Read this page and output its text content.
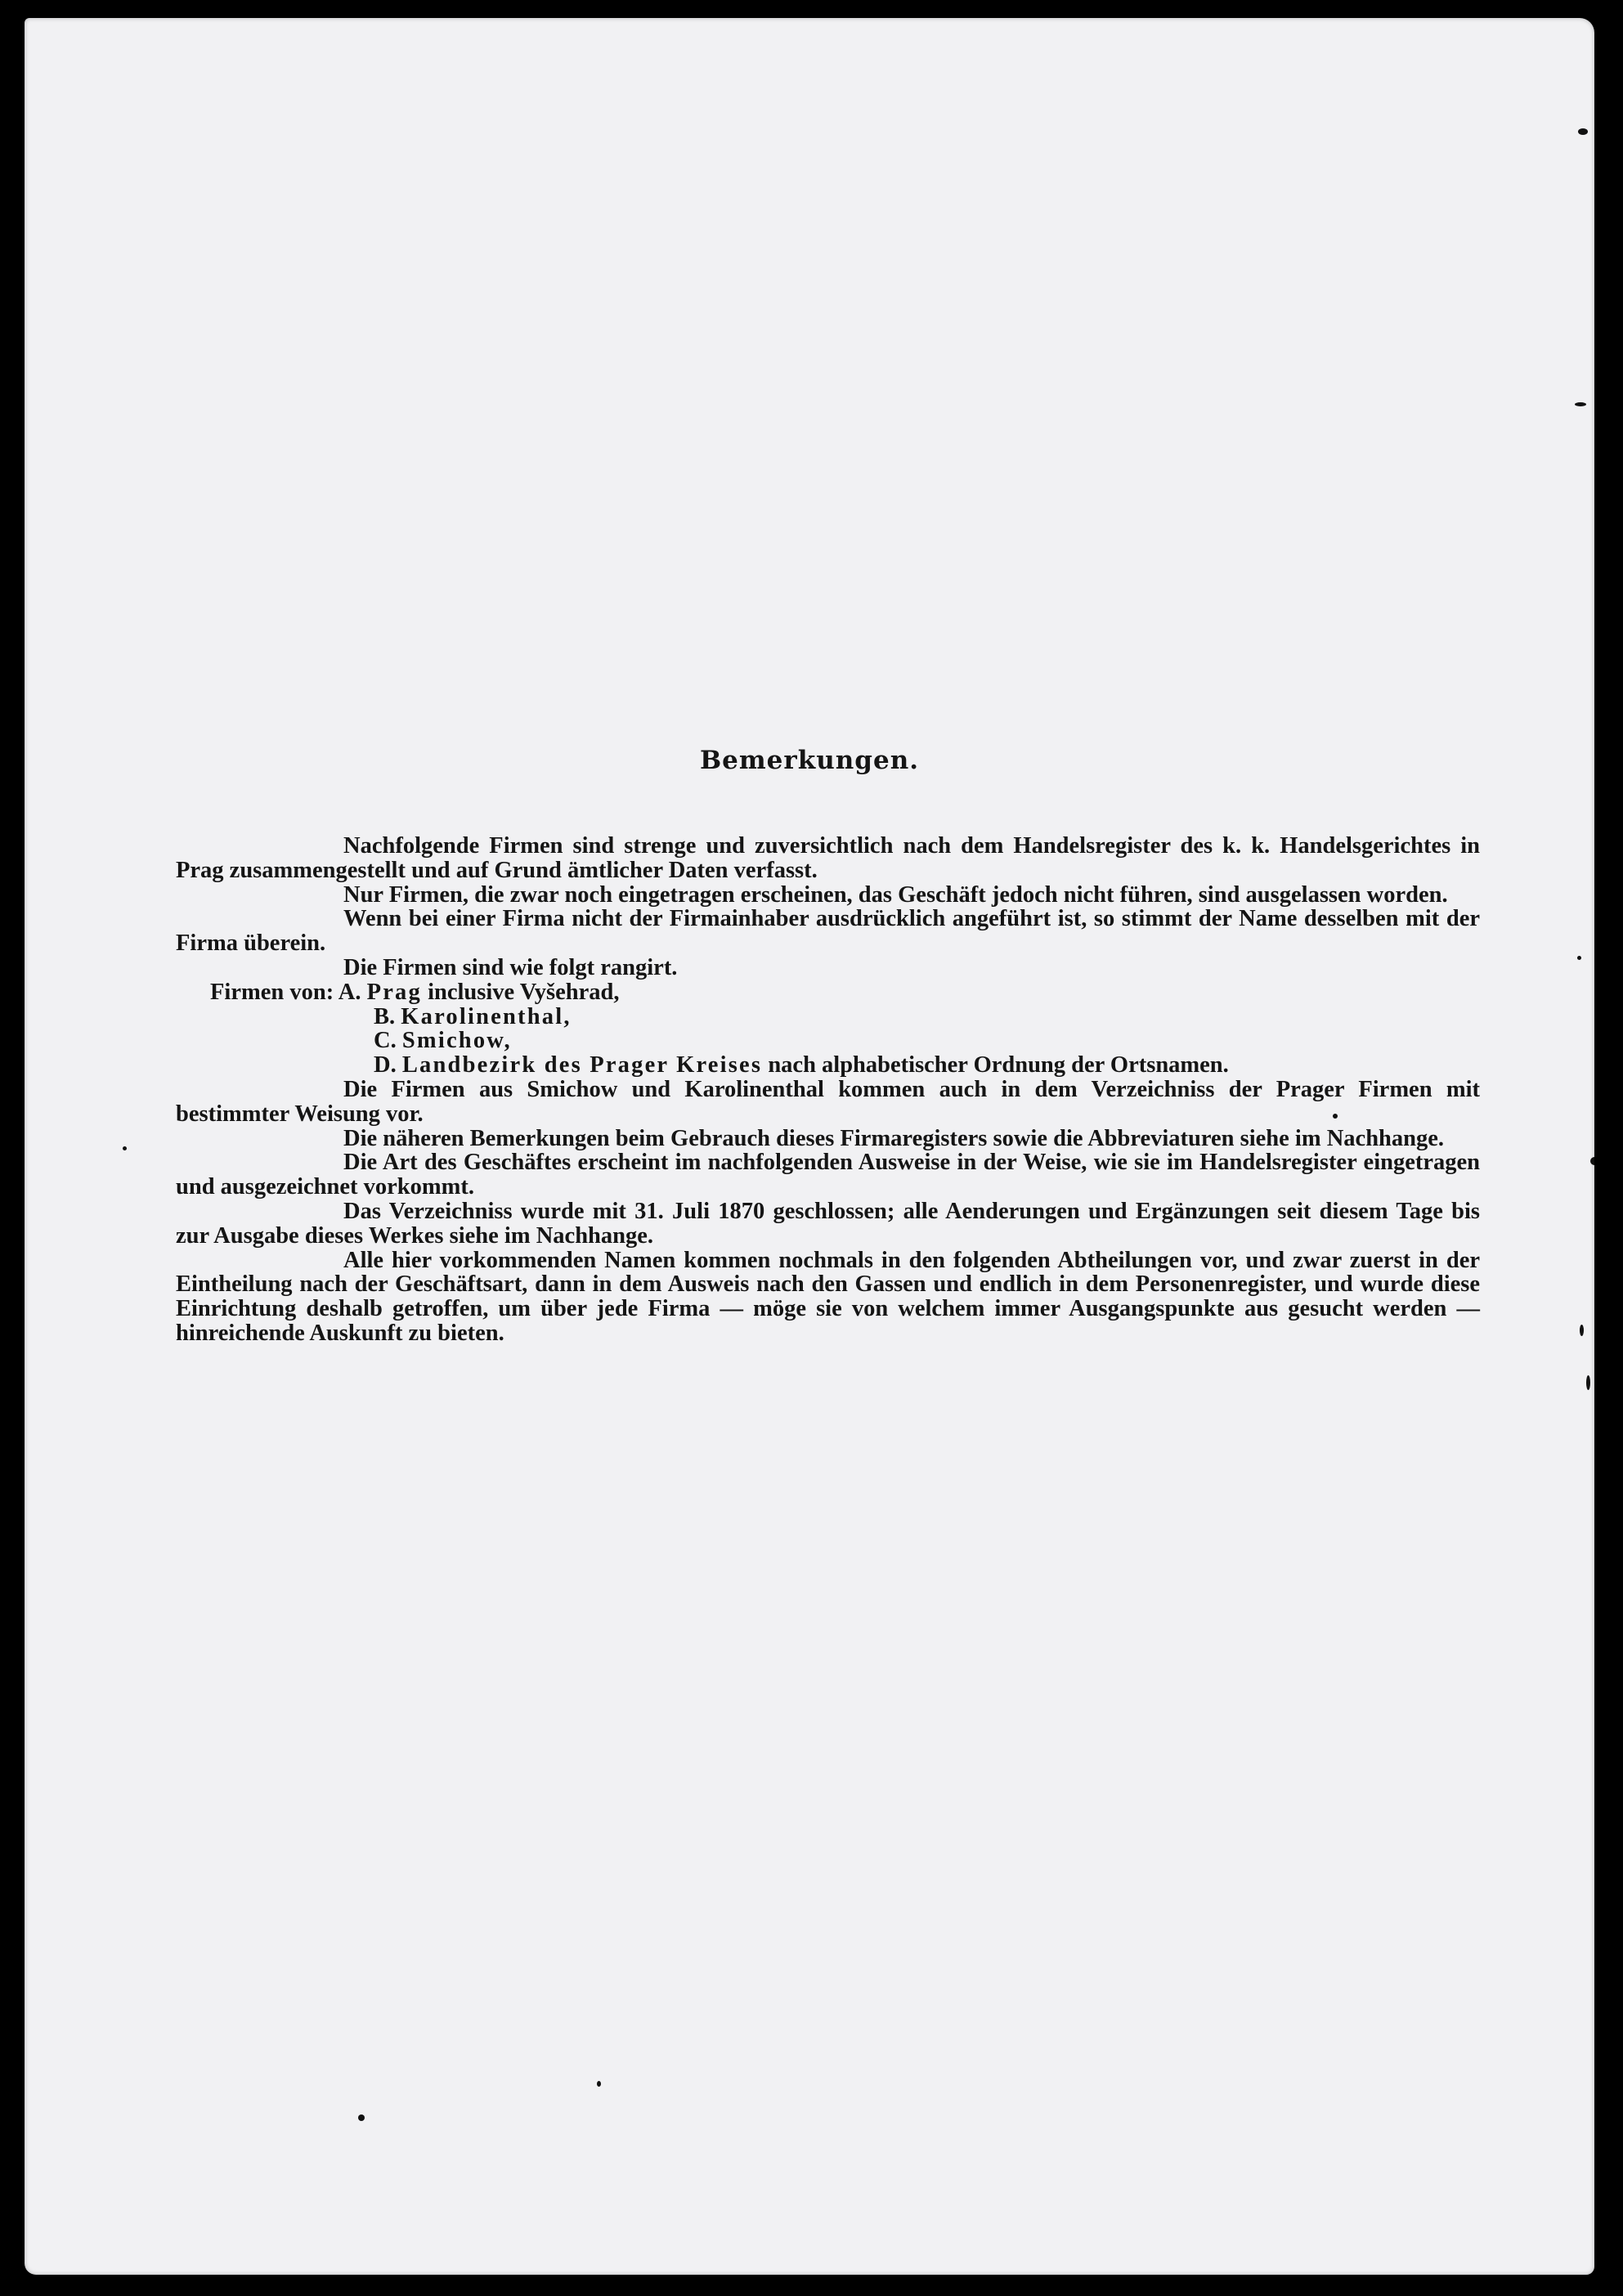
Bemerkungen.

Nachfolgende Firmen sind strenge und zuversichtlich nach dem Handelsregister des k. k. Handelsgerichtes in Prag zusammengestellt und auf Grund ämtlicher Daten verfasst.

Nur Firmen, die zwar noch eingetragen erscheinen, das Geschäft jedoch nicht führen, sind ausgelassen worden.

Wenn bei einer Firma nicht der Firmainhaber ausdrücklich angeführt ist, so stimmt der Name desselben mit der Firma überein.

Die Firmen sind wie folgt rangirt.

Firmen von: A. Prag inclusive Vyšehrad,

B. Karolinenthal,

C. Smichow,

D. Landbezirk des Prager Kreises nach alphabetischer Ordnung der Ortsnamen.

Die Firmen aus Smichow und Karolinenthal kommen auch in dem Verzeichniss der Prager Firmen mit bestimmter Weisung vor.

Die näheren Bemerkungen beim Gebrauch dieses Firmaregisters sowie die Abbreviaturen siehe im Nachhange.

Die Art des Geschäftes erscheint im nachfolgenden Ausweise in der Weise, wie sie im Handelsregister eingetragen und ausgezeichnet vorkommt.

Das Verzeichniss wurde mit 31. Juli 1870 geschlossen; alle Aenderungen und Ergänzungen seit diesem Tage bis zur Ausgabe dieses Werkes siehe im Nachhange.

Alle hier vorkommenden Namen kommen nochmals in den folgenden Abtheilungen vor, und zwar zuerst in der Eintheilung nach der Geschäftsart, dann in dem Ausweis nach den Gassen und endlich in dem Personenregister, und wurde diese Einrichtung deshalb getroffen, um über jede Firma — möge sie von welchem immer Ausgangspunkte aus gesucht werden — hinreichende Auskunft zu bieten.
